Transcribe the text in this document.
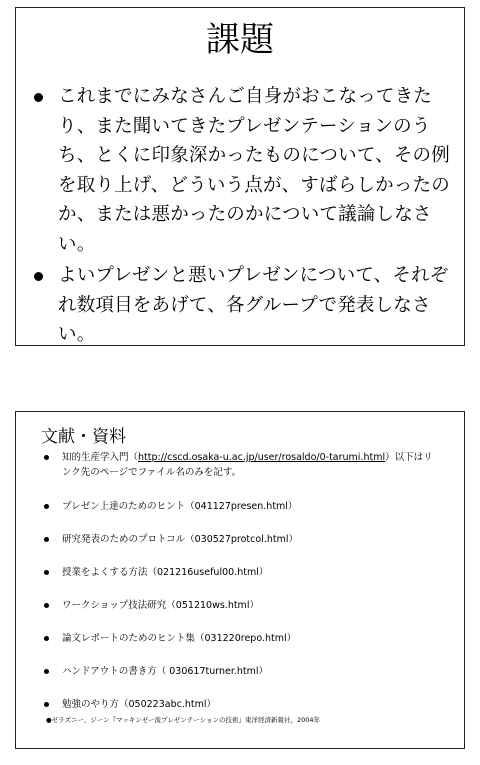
課題
これまでにみなさんご自身がおこなってきたり、また聞いてきたプレゼンテーションのうち、とくに印象深かったものについて、その例を取り上げ、どういう点が、すばらしかったのか、または悪かったのかについて議論しなさい。
よいプレゼンと悪いプレゼンについて、それぞれ数項目をあげて、各グループで発表しなさい。
文献・資料
知的生産学入門（http://cscd.osaka-u.ac.jp/user/rosaldo/0-tarumi.html）以下はリンク先のページでファイル名のみを記す。
プレゼン上達のためのヒント（041127presen.html）
研究発表のためのプロトコル（030527protcol.html）
授業をよくする方法（021216useful00.html）
ワークショップ技法研究（051210ws.html）
論文レポートのためのヒント集（031220repo.html）
ハンドアウトの書き方（ 030617turner.html）
勉強のやり方（050223abc.html）
●ゼラズニー、ジーン『マッキンゼー流プレゼンテーションの技術』東洋経済新報社、2004年
